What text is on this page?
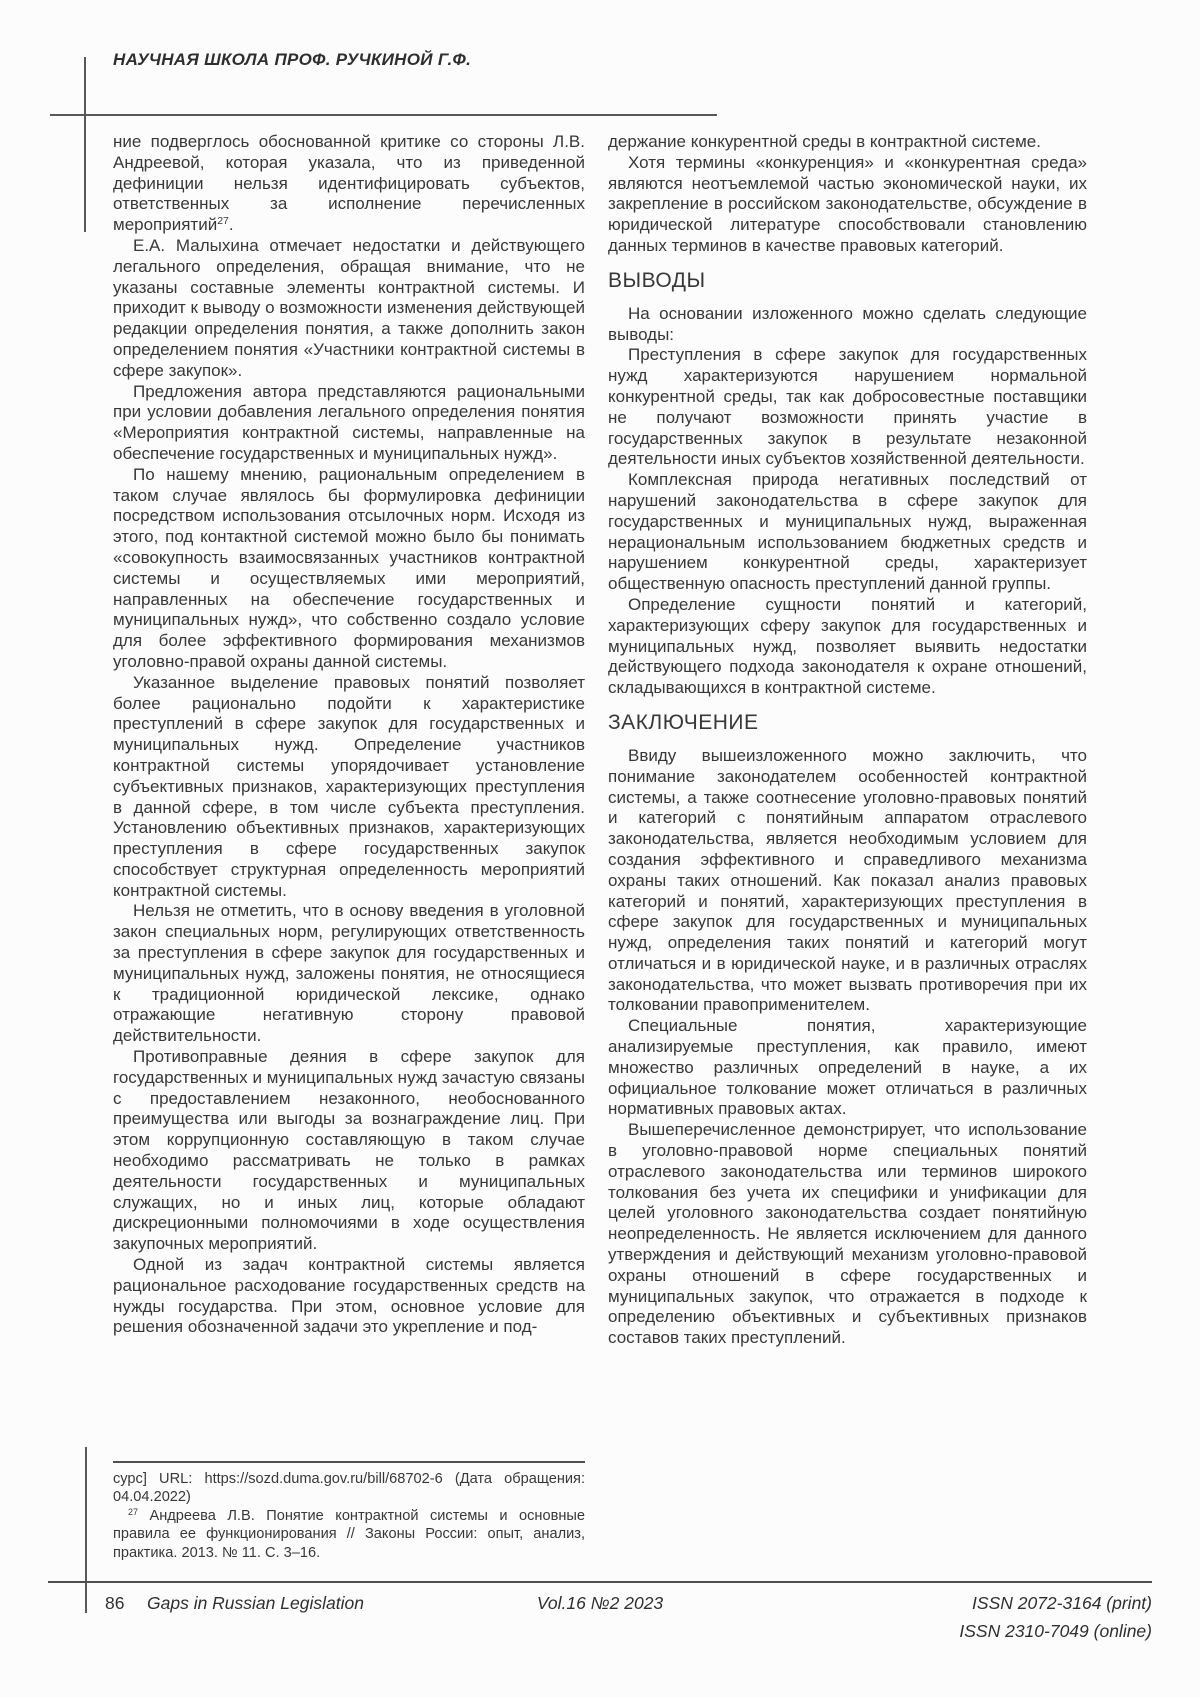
НАУЧНАЯ ШКОЛА ПРОФ. РУЧКИНОЙ Г.Ф.

ние подверглось обоснованной критике со стороны Л.В. Андреевой, которая указала, что из приведенной дефиниции нельзя идентифицировать субъектов, ответственных за исполнение перечисленных мероприятий$^{27}$.

Е.А. Малыхина отмечает недостатки и действующего легального определения, обращая внимание, что не указаны составные элементы контрактной системы. И приходит к выводу о возможности изменения действующей редакции определения понятия, а также дополнить закон определением понятия «Участники контрактной системы в сфере закупок».

Предложения автора представляются рациональными при условии добавления легального определения понятия «Мероприятия контрактной системы, направленные на обеспечение государственных и муниципальных нужд».

По нашему мнению, рациональным определением в таком случае являлось бы формулировка дефиниции посредством использования отсылочных норм. Исходя из этого, под контактной системой можно было бы понимать «совокупность взаимосвязанных участников контрактной системы и осуществляемых ими мероприятий, направленных на обеспечение государственных и муниципальных нужд», что собственно создало условие для более эффективного формирования механизмов уголовно-правой охраны данной системы.

Указанное выделение правовых понятий позволяет более рационально подойти к характеристике преступлений в сфере закупок для государственных и муниципальных нужд. Определение участников контрактной системы упорядочивает установление субъективных признаков, характеризующих преступления в данной сфере, в том числе субъекта преступления. Установлению объективных признаков, характеризующих преступления в сфере государственных закупок способствует структурная определенность мероприятий контрактной системы.

Нельзя не отметить, что в основу введения в уголовной закон специальных норм, регулирующих ответственность за преступления в сфере закупок для государственных и муниципальных нужд, заложены понятия, не относящиеся к традиционной юридической лексике, однако отражающие негативную сторону правовой действительности.

Противоправные деяния в сфере закупок для государственных и муниципальных нужд зачастую связаны с предоставлением незаконного, необоснованного преимущества или выгоды за вознаграждение лиц. При этом коррупционную составляющую в таком случае необходимо рассматривать не только в рамках деятельности государственных и муниципальных служащих, но и иных лиц, которые обладают дискреционными полномочиями в ходе осуществления закупочных мероприятий.

Одной из задач контрактной системы является рациональное расходование государственных средств на нужды государства. При этом, основное условие для решения обозначенной задачи это укрепление и под-

держание конкурентной среды в контрактной системе.

Хотя термины «конкуренция» и «конкурентная среда» являются неотъемлемой частью экономической науки, их закрепление в российском законодательстве, обсуждение в юридической литературе способствовали становлению данных терминов в качестве правовых категорий.

ВЫВОДЫ

На основании изложенного можно сделать следующие выводы:

Преступления в сфере закупок для государственных нужд характеризуются нарушением нормальной конкурентной среды, так как добросовестные поставщики не получают возможности принять участие в государственных закупок в результате незаконной деятельности иных субъектов хозяйственной деятельности.

Комплексная природа негативных последствий от нарушений законодательства в сфере закупок для государственных и муниципальных нужд, выраженная нерациональным использованием бюджетных средств и нарушением конкурентной среды, характеризует общественную опасность преступлений данной группы.

Определение сущности понятий и категорий, характеризующих сферу закупок для государственных и муниципальных нужд, позволяет выявить недостатки действующего подхода законодателя к охране отношений, складывающихся в контрактной системе.

ЗАКЛЮЧЕНИЕ

Ввиду вышеизложенного можно заключить, что понимание законодателем особенностей контрактной системы, а также соотнесение уголовно-правовых понятий и категорий с понятийным аппаратом отраслевого законодательства, является необходимым условием для создания эффективного и справедливого механизма охраны таких отношений. Как показал анализ правовых категорий и понятий, характеризующих преступления в сфере закупок для государственных и муниципальных нужд, определения таких понятий и категорий могут отличаться и в юридической науке, и в различных отраслях законодательства, что может вызвать противоречия при их толковании правоприменителем.

Специальные понятия, характеризующие анализируемые преступления, как правило, имеют множество различных определений в науке, а их официальное толкование может отличаться в различных нормативных правовых актах.

Вышеперечисленное демонстрирует, что использование в уголовно-правовой норме специальных понятий отраслевого законодательства или терминов широкого толкования без учета их специфики и унификации для целей уголовного законодательства создает понятийную неопределенность. Не является исключением для данного утверждения и действующий механизм уголовно-правовой охраны отношений в сфере государственных и муниципальных закупок, что отражается в подходе к определению объективных и субъективных признаков составов таких преступлений.

сурс] URL: https://sozd.duma.gov.ru/bill/68702-6 (Дата обращения: 04.04.2022)

$^{27}$ Андреева Л.В. Понятие контрактной системы и основные правила ее функционирования // Законы России: опыт, анализ, практика. 2013. № 11. С. 3–16.

86 Gaps in Russian Legislation	Vol.16 №2 2023	ISSN 2072-3164 (print)
ISSN 2310-7049 (online)
